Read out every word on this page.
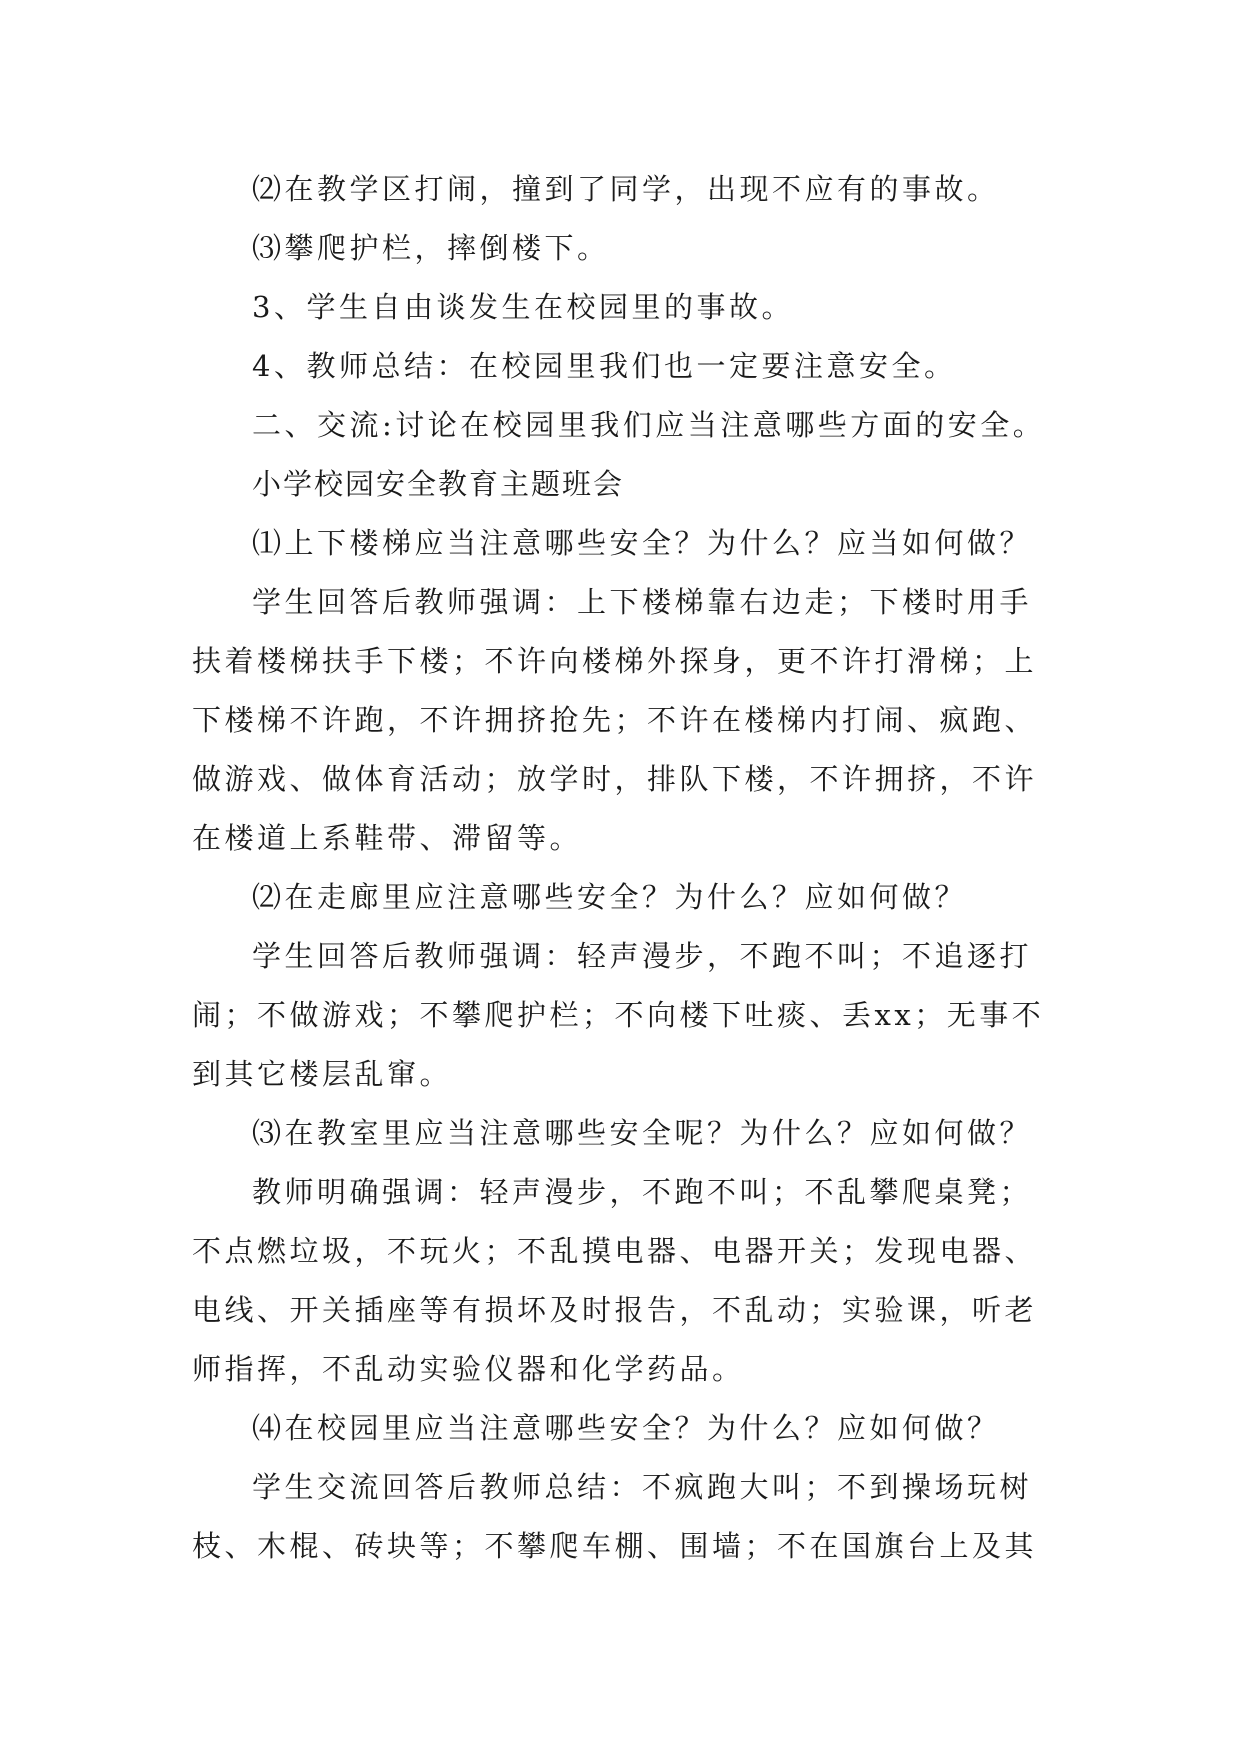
⑵在教学区打闹，撞到了同学，出现不应有的事故。
⑶攀爬护栏，摔倒楼下。
3、学生自由谈发生在校园里的事故。
4、教师总结：在校园里我们也一定要注意安全。
二、交流:讨论在校园里我们应当注意哪些方面的安全。
小学校园安全教育主题班会
⑴上下楼梯应当注意哪些安全？为什么？应当如何做？
学生回答后教师强调：上下楼梯靠右边走；下楼时用手
扶着楼梯扶手下楼；不许向楼梯外探身，更不许打滑梯；上
下楼梯不许跑，不许拥挤抢先；不许在楼梯内打闹、疯跑、
做游戏、做体育活动；放学时，排队下楼，不许拥挤，不许
在楼道上系鞋带、滞留等。
⑵在走廊里应注意哪些安全？为什么？应如何做？
学生回答后教师强调：轻声漫步，不跑不叫；不追逐打
闹；不做游戏；不攀爬护栏；不向楼下吐痰、丢xx；无事不
到其它楼层乱窜。
⑶在教室里应当注意哪些安全呢？为什么？应如何做？
教师明确强调：轻声漫步，不跑不叫；不乱攀爬桌凳；
不点燃垃圾，不玩火；不乱摸电器、电器开关；发现电器、
电线、开关插座等有损坏及时报告，不乱动；实验课，听老
师指挥，不乱动实验仪器和化学药品。
⑷在校园里应当注意哪些安全？为什么？应如何做？
学生交流回答后教师总结：不疯跑大叫；不到操场玩树
枝、木棍、砖块等；不攀爬车棚、围墙；不在国旗台上及其
